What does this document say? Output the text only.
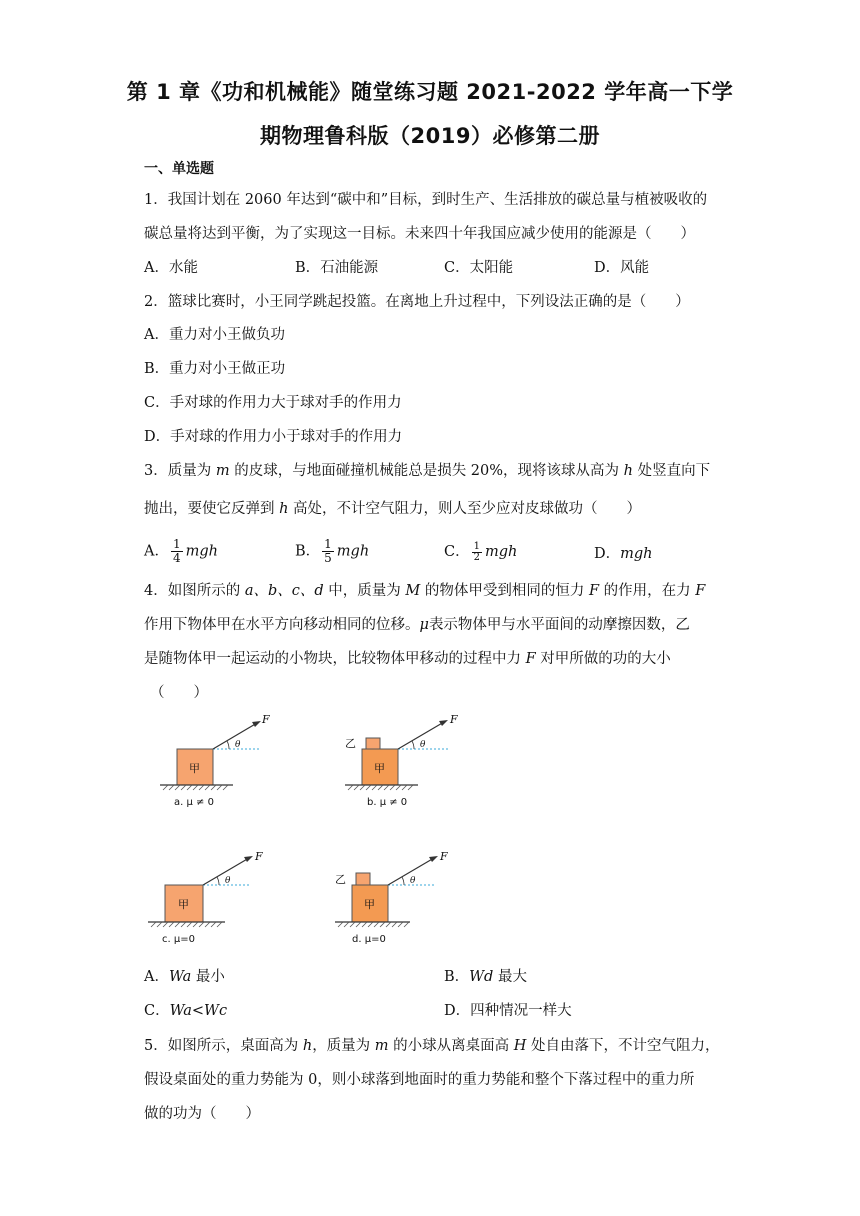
第 1 章《功和机械能》随堂练习题 2021-2022 学年高一下学
期物理鲁科版（2019）必修第二册
一、单选题
1．我国计划在 2060 年达到“碳中和”目标，到时生产、生活排放的碳总量与植被吸收的
碳总量将达到平衡，为了实现这一目标。未来四十年我国应减少使用的能源是（　　）
A．水能	B．石油能源	C．太阳能	D．风能
2．篮球比赛时，小王同学跳起投篮。在离地上升过程中，下列设法正确的是（　　）
A．重力对小王做负功
B．重力对小王做正功
C．手对球的作用力大于球对手的作用力
D．手对球的作用力小于球对手的作用力
3．质量为 m 的皮球，与地面碰撞机械能总是损失 20%，现将该球从高为 h 处竖直向下
抛出，要使它反弹到 h 高处，不计空气阻力，则人至少应对皮球做功（　　）
A． $\frac{1}{4}$ mgh	B． $\frac{1}{5}$ mgh	C． $\frac{1}{2}$ mgh	D．mgh
4．如图所示的 a、b、c、d 中，质量为 M 的物体甲受到相同的恒力 F 的作用，在力 F
作用下物体甲在水平方向移动相同的位移。μ表示物体甲与水平面间的动摩擦因数，乙
是随物体甲一起运动的小物块，比较物体甲移动的过程中力 F 对甲所做的功的大小
（　　）
甲
F
θ
a. μ ≠ 0
乙
甲
F
θ
b. μ ≠ 0
甲
F
θ
c. μ=0
乙
甲
F
θ
d. μ=0
A．Wa 最小	B．Wd 最大
C．Wa<Wc	D．四种情况一样大
5．如图所示，桌面高为 h，质量为 m 的小球从离桌面高 H 处自由落下，不计空气阻力，
假设桌面处的重力势能为 0，则小球落到地面时的重力势能和整个下落过程中的重力所
做的功为（　　）
